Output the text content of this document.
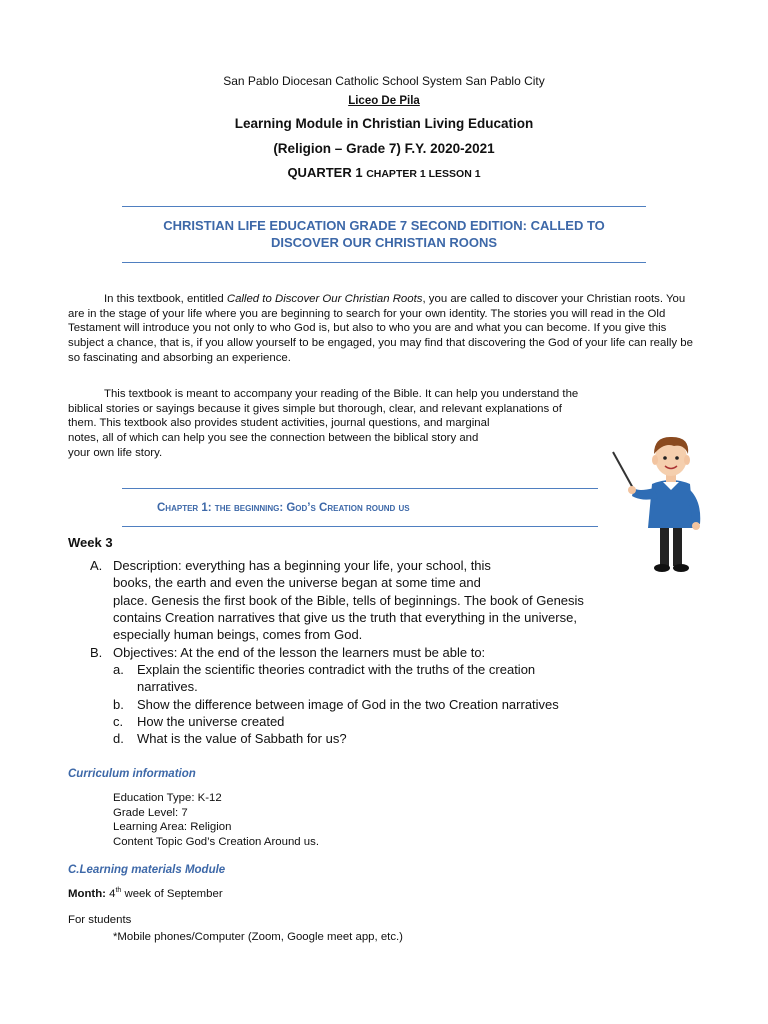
San Pablo Diocesan Catholic School System San Pablo City
Liceo De Pila
Learning Module in Christian Living Education
(Religion – Grade 7) F.Y. 2020-2021
QUARTER 1 CHAPTER 1 LESSON 1
CHRISTIAN LIFE EDUCATION GRADE 7 SECOND EDITION: CALLED TO
DISCOVER OUR CHRISTIAN ROONS

In this textbook, entitled Called to Discover Our Christian Roots, you are called to discover your Christian roots. You are in the stage of your life where you are beginning to search for your own identity. The stories you will read in the Old Testament will introduce you not only to who God is, but also to who you are and what you can become. If you give this subject a chance, that is, if you allow yourself to be engaged, you may find that discovering the God of your life can really be so fascinating and absorbing an experience.

This textbook is meant to accompany your reading of the Bible. It can help you understand the
biblical stories or sayings because it gives simple but thorough, clear, and relevant explanations of
them. This textbook also provides student activities, journal questions, and marginal
notes, all of which can help you see the connection between the biblical story and
your own life story.
Chapter 1: the beginning: God’s Creation round us
Week 3
A. Description: everything has a beginning your life, your school, this
books, the earth and even the universe began at some time and
place. Genesis the first book of the Bible, tells of beginnings. The book of Genesis
contains Creation narratives that give us the truth that everything in the universe,
especially human beings, comes from God.
B. Objectives: At the end of the lesson the learners must be able to:
a. Explain the scientific theories contradict with the truths of the creation
narratives.
b. Show the difference between image of God in the two Creation narratives
c. How the universe created
d. What is the value of Sabbath for us?
Curriculum information
Education Type: K-12
Grade Level: 7
Learning Area: Religion
Content Topic God’s Creation Around us.
C.Learning materials Module
Month: 4th week of September
For students
*Mobile phones/Computer (Zoom, Google meet app, etc.)
